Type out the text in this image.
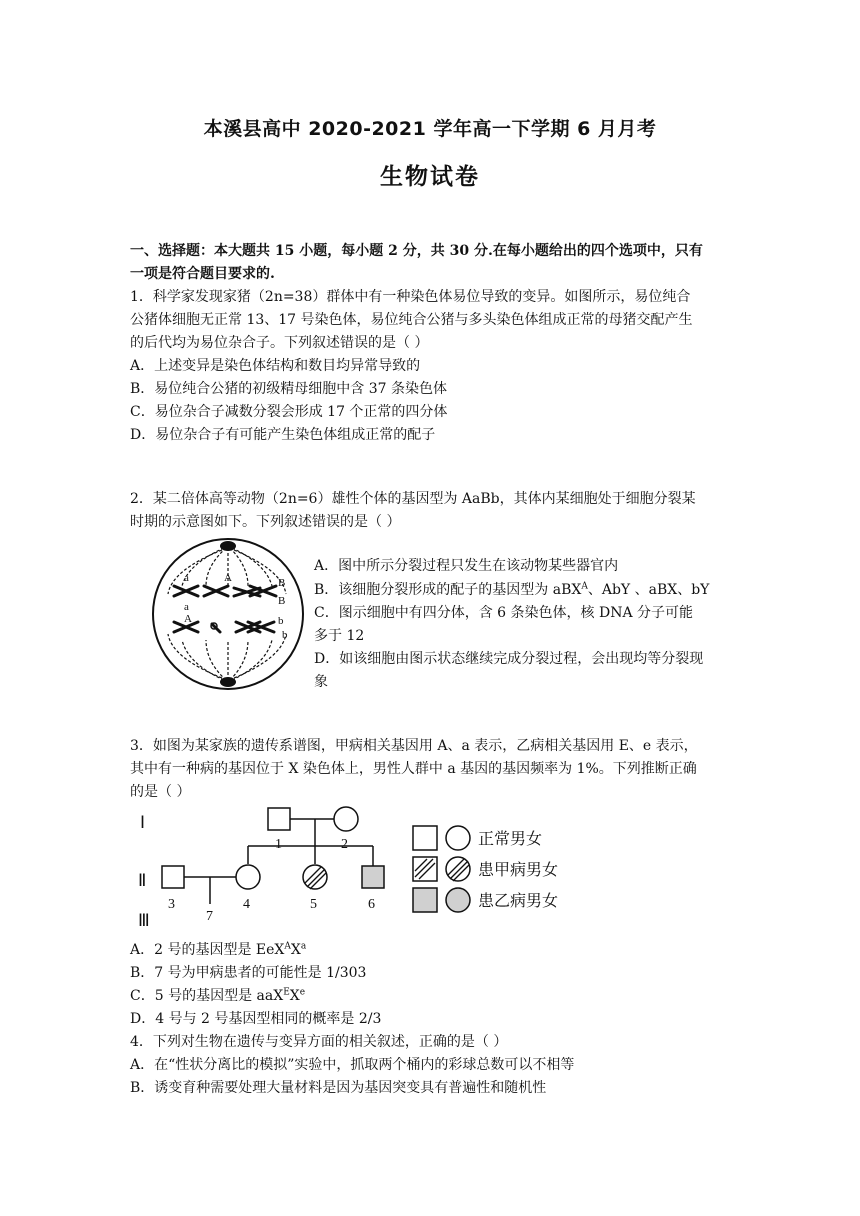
本溪县高中 2020-2021 学年高一下学期 6 月月考
生物试卷
一、选择题：本大题共 15 小题，每小题 2 分，共 30 分.在每小题给出的四个选项中，只有
一项是符合题目要求的.
1．科学家发现家猪（2n=38）群体中有一种染色体易位导致的变异。如图所示，易位纯合
公猪体细胞无正常 13、17 号染色体，易位纯合公猪与多头染色体组成正常的母猪交配产生
的后代均为易位杂合子。下列叙述错误的是（ ）
A．上述变异是染色体结构和数目均异常导致的
B．易位纯合公猪的初级精母细胞中含 37 条染色体
C．易位杂合子减数分裂会形成 17 个正常的四分体
D．易位杂合子有可能产生染色体组成正常的配子
2．某二倍体高等动物（2n=6）雄性个体的基因型为 AaBb，其体内某细胞处于细胞分裂某
时期的示意图如下。下列叙述错误的是（ ）
a	A	B
a	B
A	b
b
A．图中所示分裂过程只发生在该动物某些器官内
B．该细胞分裂形成的配子的基因型为 aBX$^A$、AbY 、aBX、bY
C．图示细胞中有四分体，含 6 条染色体，核 DNA 分子可能
多于 12
D．如该细胞由图示状态继续完成分裂过程，会出现均等分裂现
象
3．如图为某家族的遗传系谱图，甲病相关基因用 A、a 表示，乙病相关基因用 E、e 表示，
其中有一种病的基因位于 X 染色体上，男性人群中 a 基因的基因频率为 1%。下列推断正确
的是（ ）
Ⅰ
Ⅱ
Ⅲ
1	2
3	4	5	6
7
正常男女
患甲病男女
患乙病男女
A．2 号的基因型是 $EeX^AX^a$
B．7 号为甲病患者的可能性是 1/303
C．5 号的基因型是 aaX$^E$Xe
D．4 号与 2 号基因型相同的概率是 2/3
4．下列对生物在遗传与变异方面的相关叙述，正确的是（ ）
A．在“性状分离比的模拟”实验中，抓取两个桶内的彩球总数可以不相等
B．诱变育种需要处理大量材料是因为基因突变具有普遍性和随机性
